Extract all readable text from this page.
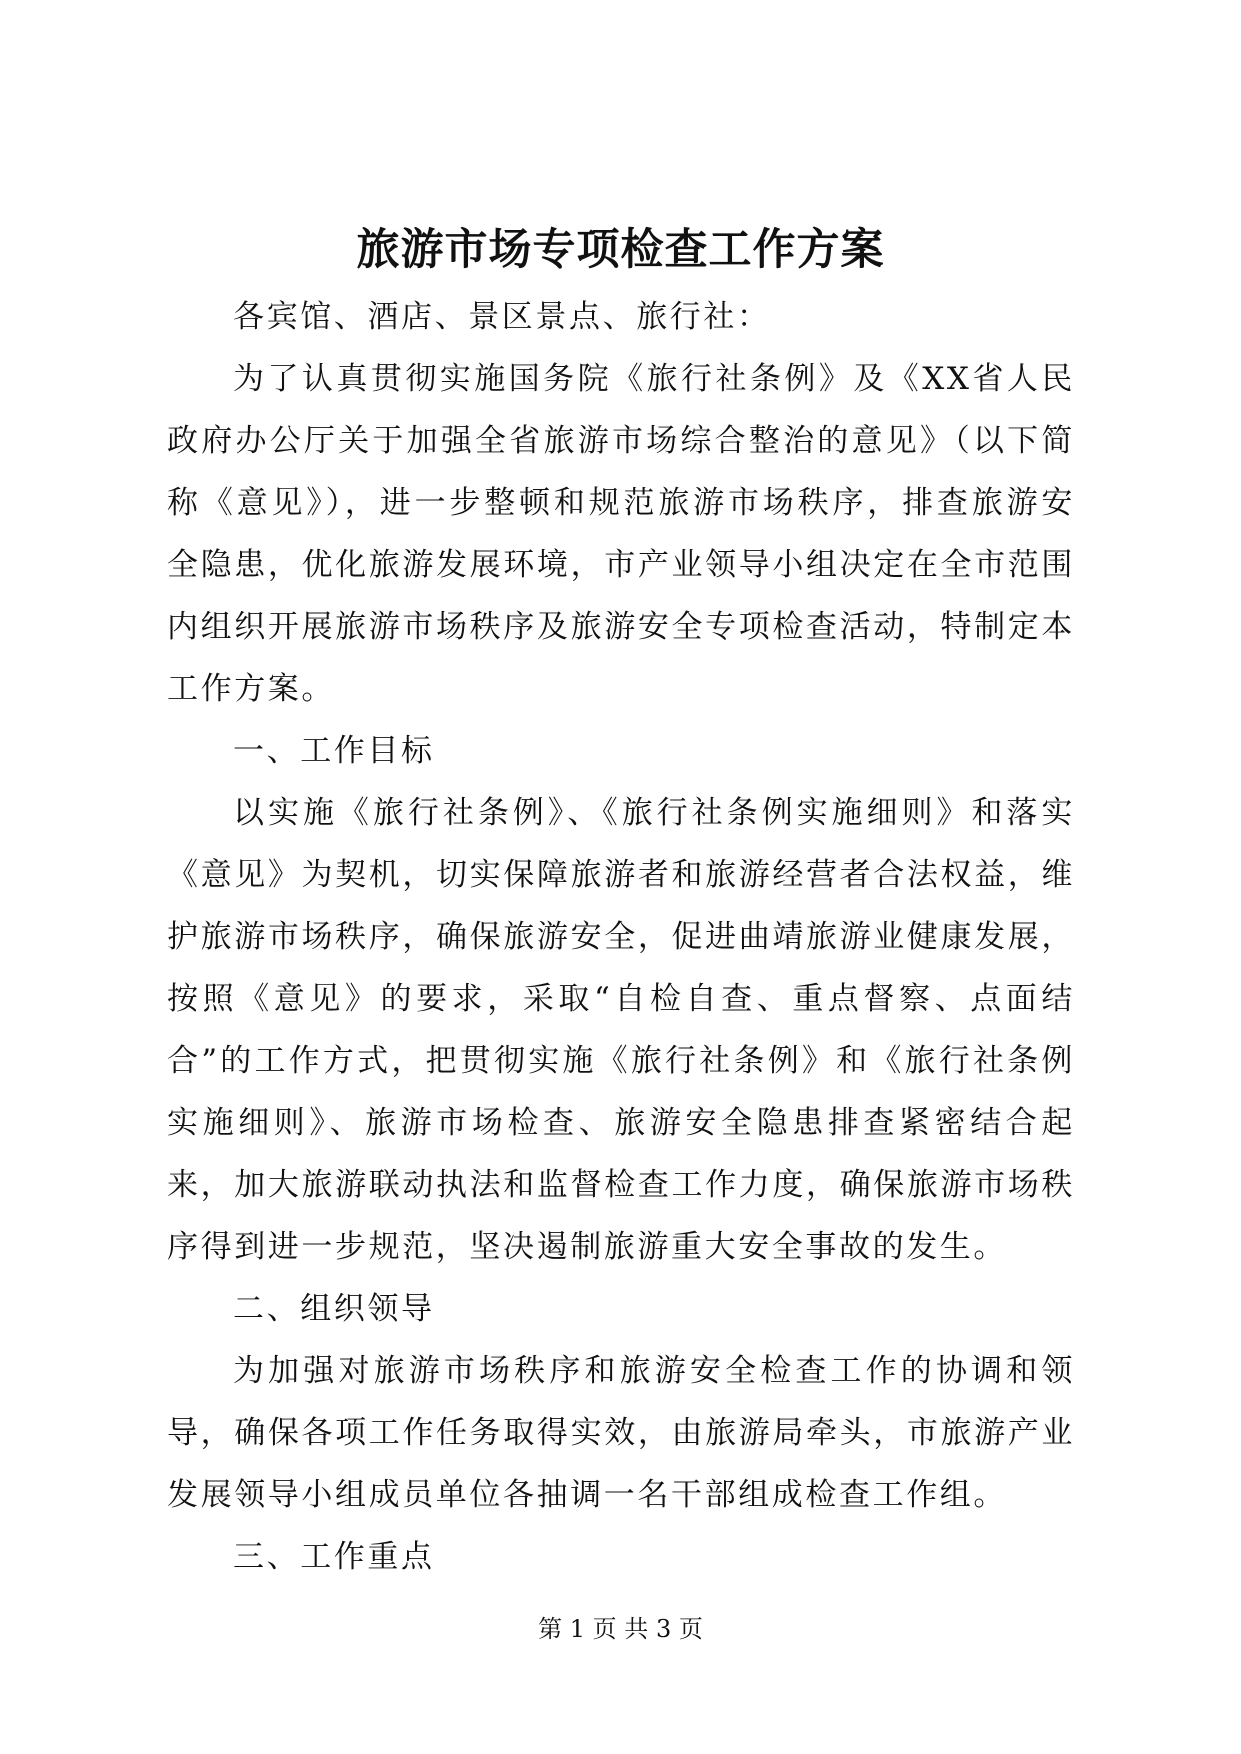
旅游市场专项检查工作方案

各宾馆、酒店、景区景点、旅行社：

为了认真贯彻实施国务院《旅行社条例》及《XX省人民政府办公厅关于加强全省旅游市场综合整治的意见》（以下简称《意见》），进一步整顿和规范旅游市场秩序，排查旅游安全隐患，优化旅游发展环境，市产业领导小组决定在全市范围内组织开展旅游市场秩序及旅游安全专项检查活动，特制定本工作方案。

一、工作目标

以实施《旅行社条例》、《旅行社条例实施细则》和落实《意见》为契机，切实保障旅游者和旅游经营者合法权益，维护旅游市场秩序，确保旅游安全，促进曲靖旅游业健康发展，按照《意见》的要求，采取“自检自查、重点督察、点面结合”的工作方式，把贯彻实施《旅行社条例》和《旅行社条例实施细则》、旅游市场检查、旅游安全隐患排查紧密结合起来，加大旅游联动执法和监督检查工作力度，确保旅游市场秩序得到进一步规范，坚决遏制旅游重大安全事故的发生。

二、组织领导

为加强对旅游市场秩序和旅游安全检查工作的协调和领导，确保各项工作任务取得实效，由旅游局牵头，市旅游产业发展领导小组成员单位各抽调一名干部组成检查工作组。

三、工作重点

第 1 页 共 3 页
